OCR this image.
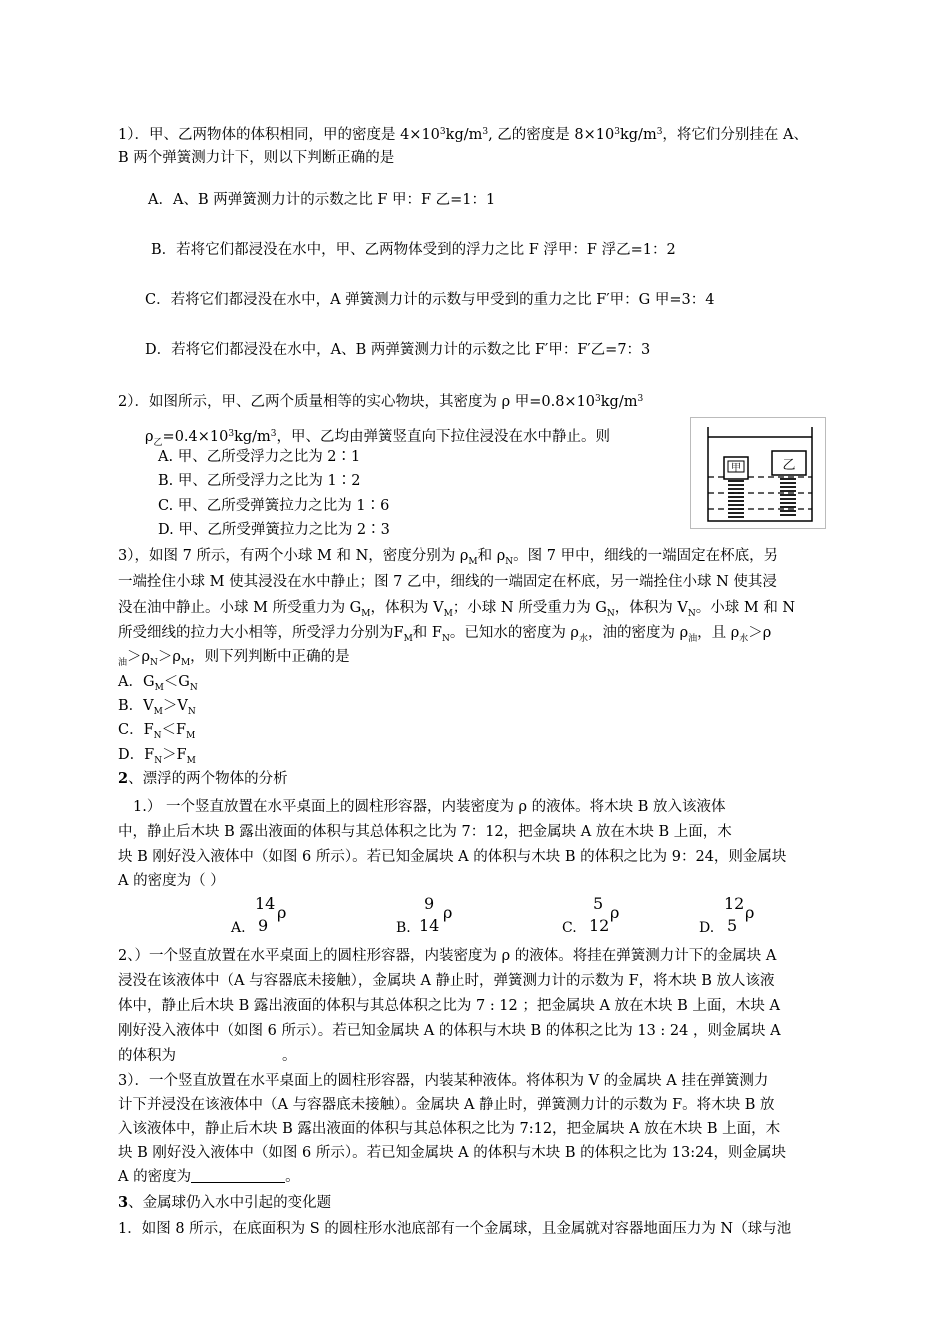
1）．甲、乙两物体的体积相同，甲的密度是 $4\times 10^3kg/m^3$, 乙的密度是 $8\times 10^3kg/m^3$，将它们分别挂在 A、
B 两个弹簧测力计下，则以下判断正确的是
A．A、B 两弹簧测力计的示数之比 F 甲：F 乙=1：1
B．若将它们都浸没在水中，甲、乙两物体受到的浮力之比 F 浮甲：F 浮乙=1：2
C．若将它们都浸没在水中，A 弹簧测力计的示数与甲受到的重力之比 F′甲：G 甲=3：4
D．若将它们都浸没在水中，A、B 两弹簧测力计的示数之比 F′甲：F′乙=7：3
2）．如图所示，甲、乙两个质量相等的实心物块，其密度为 ρ 甲$=0.8\times 10^3kg/m^3$
$\rho_乙=0.4\times 10^3kg/m^3$，甲、乙均由弹簧竖直向下拉住浸没在水中静止。则
A. 甲、乙所受浮力之比为 2∶1
B. 甲、乙所受浮力之比为 1∶2
C. 甲、乙所受弹簧拉力之比为 1∶6
D. 甲、乙所受弹簧拉力之比为 2∶3
甲	乙
3），如图 7 所示，有两个小球 M 和 N，密度分别为 $\rho_M$和 $\rho_N$。图 7 甲中，细线的一端固定在杯底，另
一端拴住小球 M 使其浸没在水中静止；图 7 乙中，细线的一端固定在杯底，另一端拴住小球 N 使其浸
没在油中静止。小球 M 所受重力为 $G_M$，体积为 $V_M$；小球 N 所受重力为 $G_N$，体积为 $V_N$。小球 M 和 N
所受细线的拉力大小相等，所受浮力分别为$F_M$和 $F_N$。已知水的密度为 $\rho_水$，油的密度为 $\rho_油$，且 $\rho_水>\rho$
$_油>\rho_N>\rho_M$，则下列判断中正确的是
A．$G_M<G_N$
B．$V_M>V_N$
C．$F_N<F_M$
D．$F_N>F_M$
2、漂浮的两个物体的分析
1.） 一个竖直放置在水平桌面上的圆柱形容器，内装密度为 ρ 的液体。将木块 B 放入该液体
中，静止后木块 B 露出液面的体积与其总体积之比为 7：12，把金属块 A 放在木块 B 上面，木
块 B 刚好没入液体中（如图 6 所示）。若已知金属块 A 的体积与木块 B 的体积之比为 9：24，则金属块
A 的密度为（ ）
A.
14
9
ρ
B.
9
14
ρ
C.
5
12
ρ
D.
12
5
ρ
2、）一个竖直放置在水平桌面上的圆柱形容器，内装密度为 ρ 的液体。将挂在弹簧测力计下的金属块 A
浸没在该液体中（A 与容器底未接触），金属块 A 静止时，弹簧测力计的示数为 F，将木块 B 放人该液
体中，静止后木块 B 露出液面的体积与其总体积之比为 7 : 12 ；把金属块 A 放在木块 B 上面，木块 A
刚好没入液体中（如图 6 所示）。若已知金属块 A 的体积与木块 B 的体积之比为 13 : 24 ，则金属块 A
的体积为	。
3）．一个竖直放置在水平桌面上的圆柱形容器，内装某种液体。将体积为 V 的金属块 A 挂在弹簧测力
计下并浸没在该液体中（A 与容器底未接触）。金属块 A 静止时，弹簧测力计的示数为 F。将木块 B 放
入该液体中，静止后木块 B 露出液面的体积与其总体积之比为 7:12，把金属块 A 放在木块 B 上面，木
块 B 刚好没入液体中（如图 6 所示）。若已知金属块 A 的体积与木块 B 的体积之比为 13:24，则金属块
A 的密度为	。
3、金属球仍入水中引起的变化题
1．如图 8 所示，在底面积为 S 的圆柱形水池底部有一个金属球，且金属就对容器地面压力为 N（球与池
